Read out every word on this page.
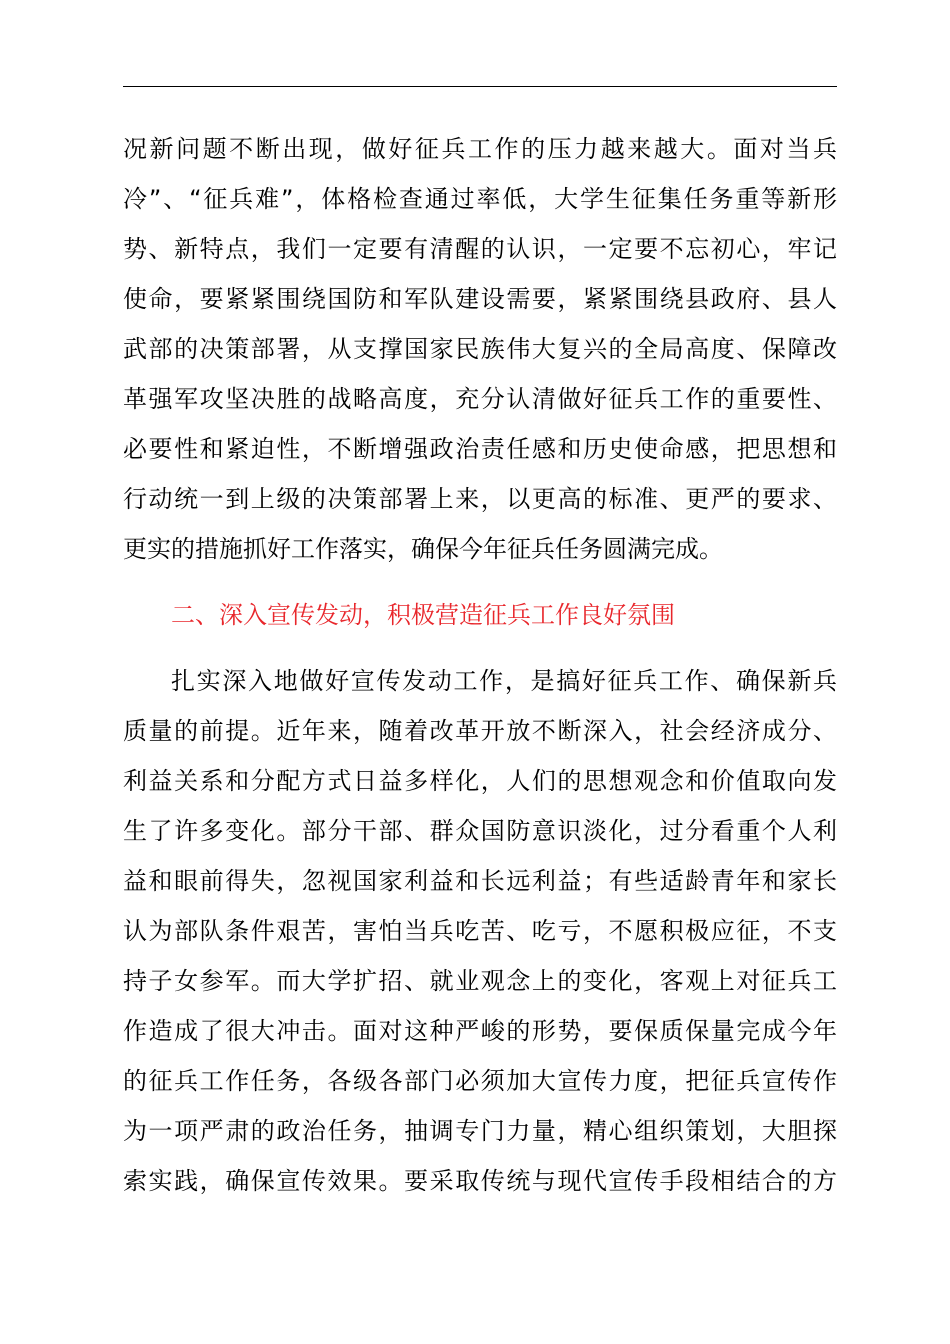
况新问题不断出现，做好征兵工作的压力越来越大。面对当兵
冷”、“征兵难”，体格检查通过率低，大学生征集任务重等新形
势、新特点，我们一定要有清醒的认识，一定要不忘初心，牢记
使命，要紧紧围绕国防和军队建设需要，紧紧围绕县政府、县人
武部的决策部署，从支撑国家民族伟大复兴的全局高度、保障改
革强军攻坚决胜的战略高度，充分认清做好征兵工作的重要性、
必要性和紧迫性，不断增强政治责任感和历史使命感，把思想和
行动统一到上级的决策部署上来，以更高的标准、更严的要求、
更实的措施抓好工作落实，确保今年征兵任务圆满完成。
二、深入宣传发动，积极营造征兵工作良好氛围
扎实深入地做好宣传发动工作，是搞好征兵工作、确保新兵
质量的前提。近年来，随着改革开放不断深入，社会经济成分、
利益关系和分配方式日益多样化，人们的思想观念和价值取向发
生了许多变化。部分干部、群众国防意识淡化，过分看重个人利
益和眼前得失，忽视国家利益和长远利益；有些适龄青年和家长
认为部队条件艰苦，害怕当兵吃苦、吃亏，不愿积极应征，不支
持子女参军。而大学扩招、就业观念上的变化，客观上对征兵工
作造成了很大冲击。面对这种严峻的形势，要保质保量完成今年
的征兵工作任务，各级各部门必须加大宣传力度，把征兵宣传作
为一项严肃的政治任务，抽调专门力量，精心组织策划，大胆探
索实践，确保宣传效果。要采取传统与现代宣传手段相结合的方
